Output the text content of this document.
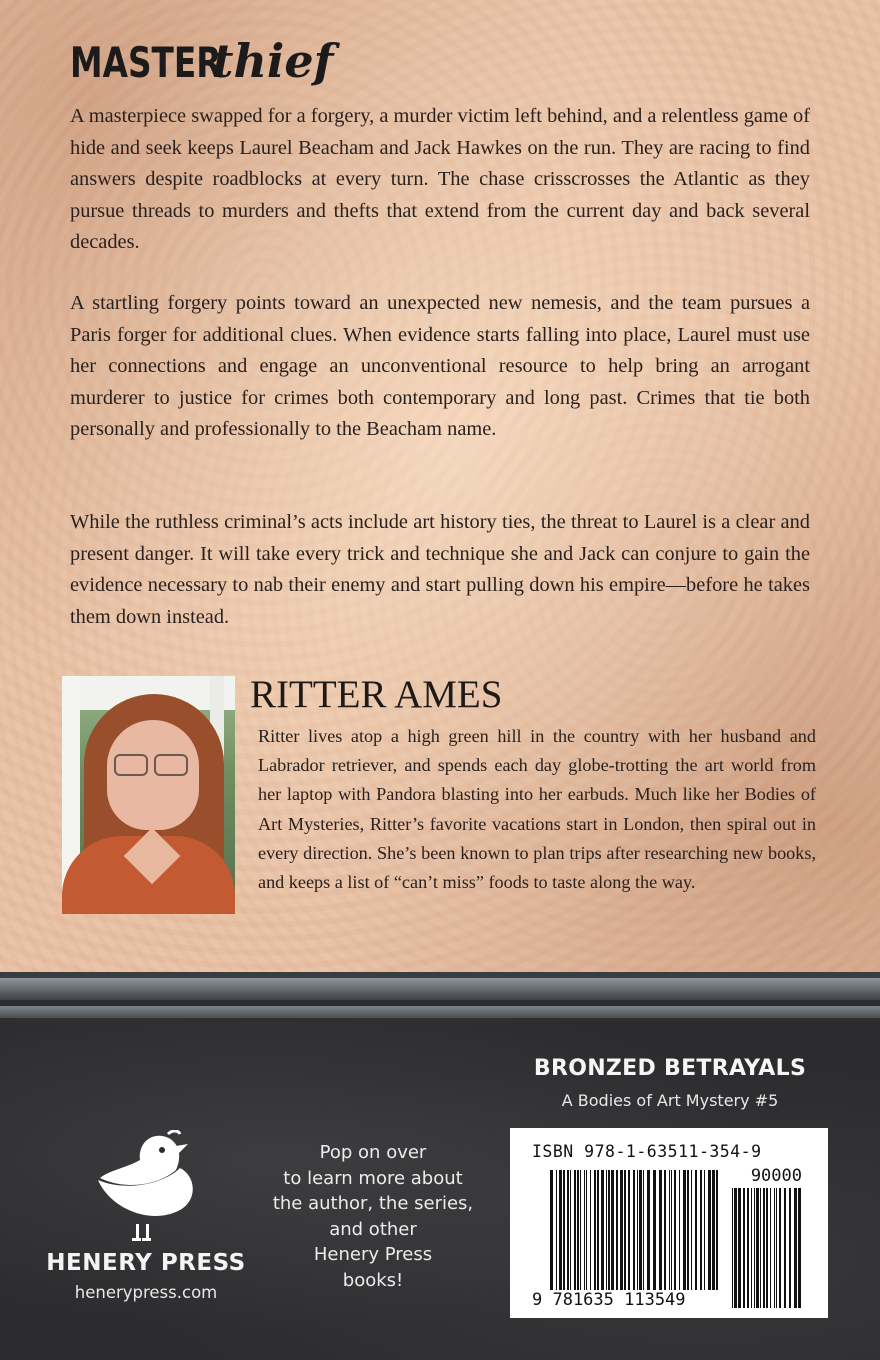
MASTERthief

A masterpiece swapped for a forgery, a murder victim left behind, and a relentless game of hide and seek keeps Laurel Beacham and Jack Hawkes on the run. They are racing to find answers despite roadblocks at every turn. The chase crisscrosses the Atlantic as they pursue threads to murders and thefts that extend from the current day and back several decades.

A startling forgery points toward an unexpected new nemesis, and the team pursues a Paris forger for additional clues. When evidence starts falling into place, Laurel must use her connections and engage an unconventional resource to help bring an arrogant murderer to justice for crimes both contemporary and long past. Crimes that tie both personally and professionally to the Beacham name.

While the ruthless criminal’s acts include art history ties, the threat to Laurel is a clear and present danger. It will take every trick and technique she and Jack can conjure to gain the evidence necessary to nab their enemy and start pulling down his empire—before he takes them down instead.

RITTER AMES

Ritter lives atop a high green hill in the country with her husband and Labrador retriever, and spends each day globe-trotting the art world from her laptop with Pandora blasting into her earbuds. Much like her Bodies of Art Mysteries, Ritter’s favorite vacations start in London, then spiral out in every direction. She’s been known to plan trips after researching new books, and keeps a list of “can’t miss” foods to taste along the way.

HENERY PRESS
henerypress.com
Pop on over
to learn more about
the author, the series,
and other
Henery Press
books!
BRONZED BETRAYALS
A Bodies of Art Mystery #5
ISBN 978-1-63511-354-9
90000
9 781635 113549
